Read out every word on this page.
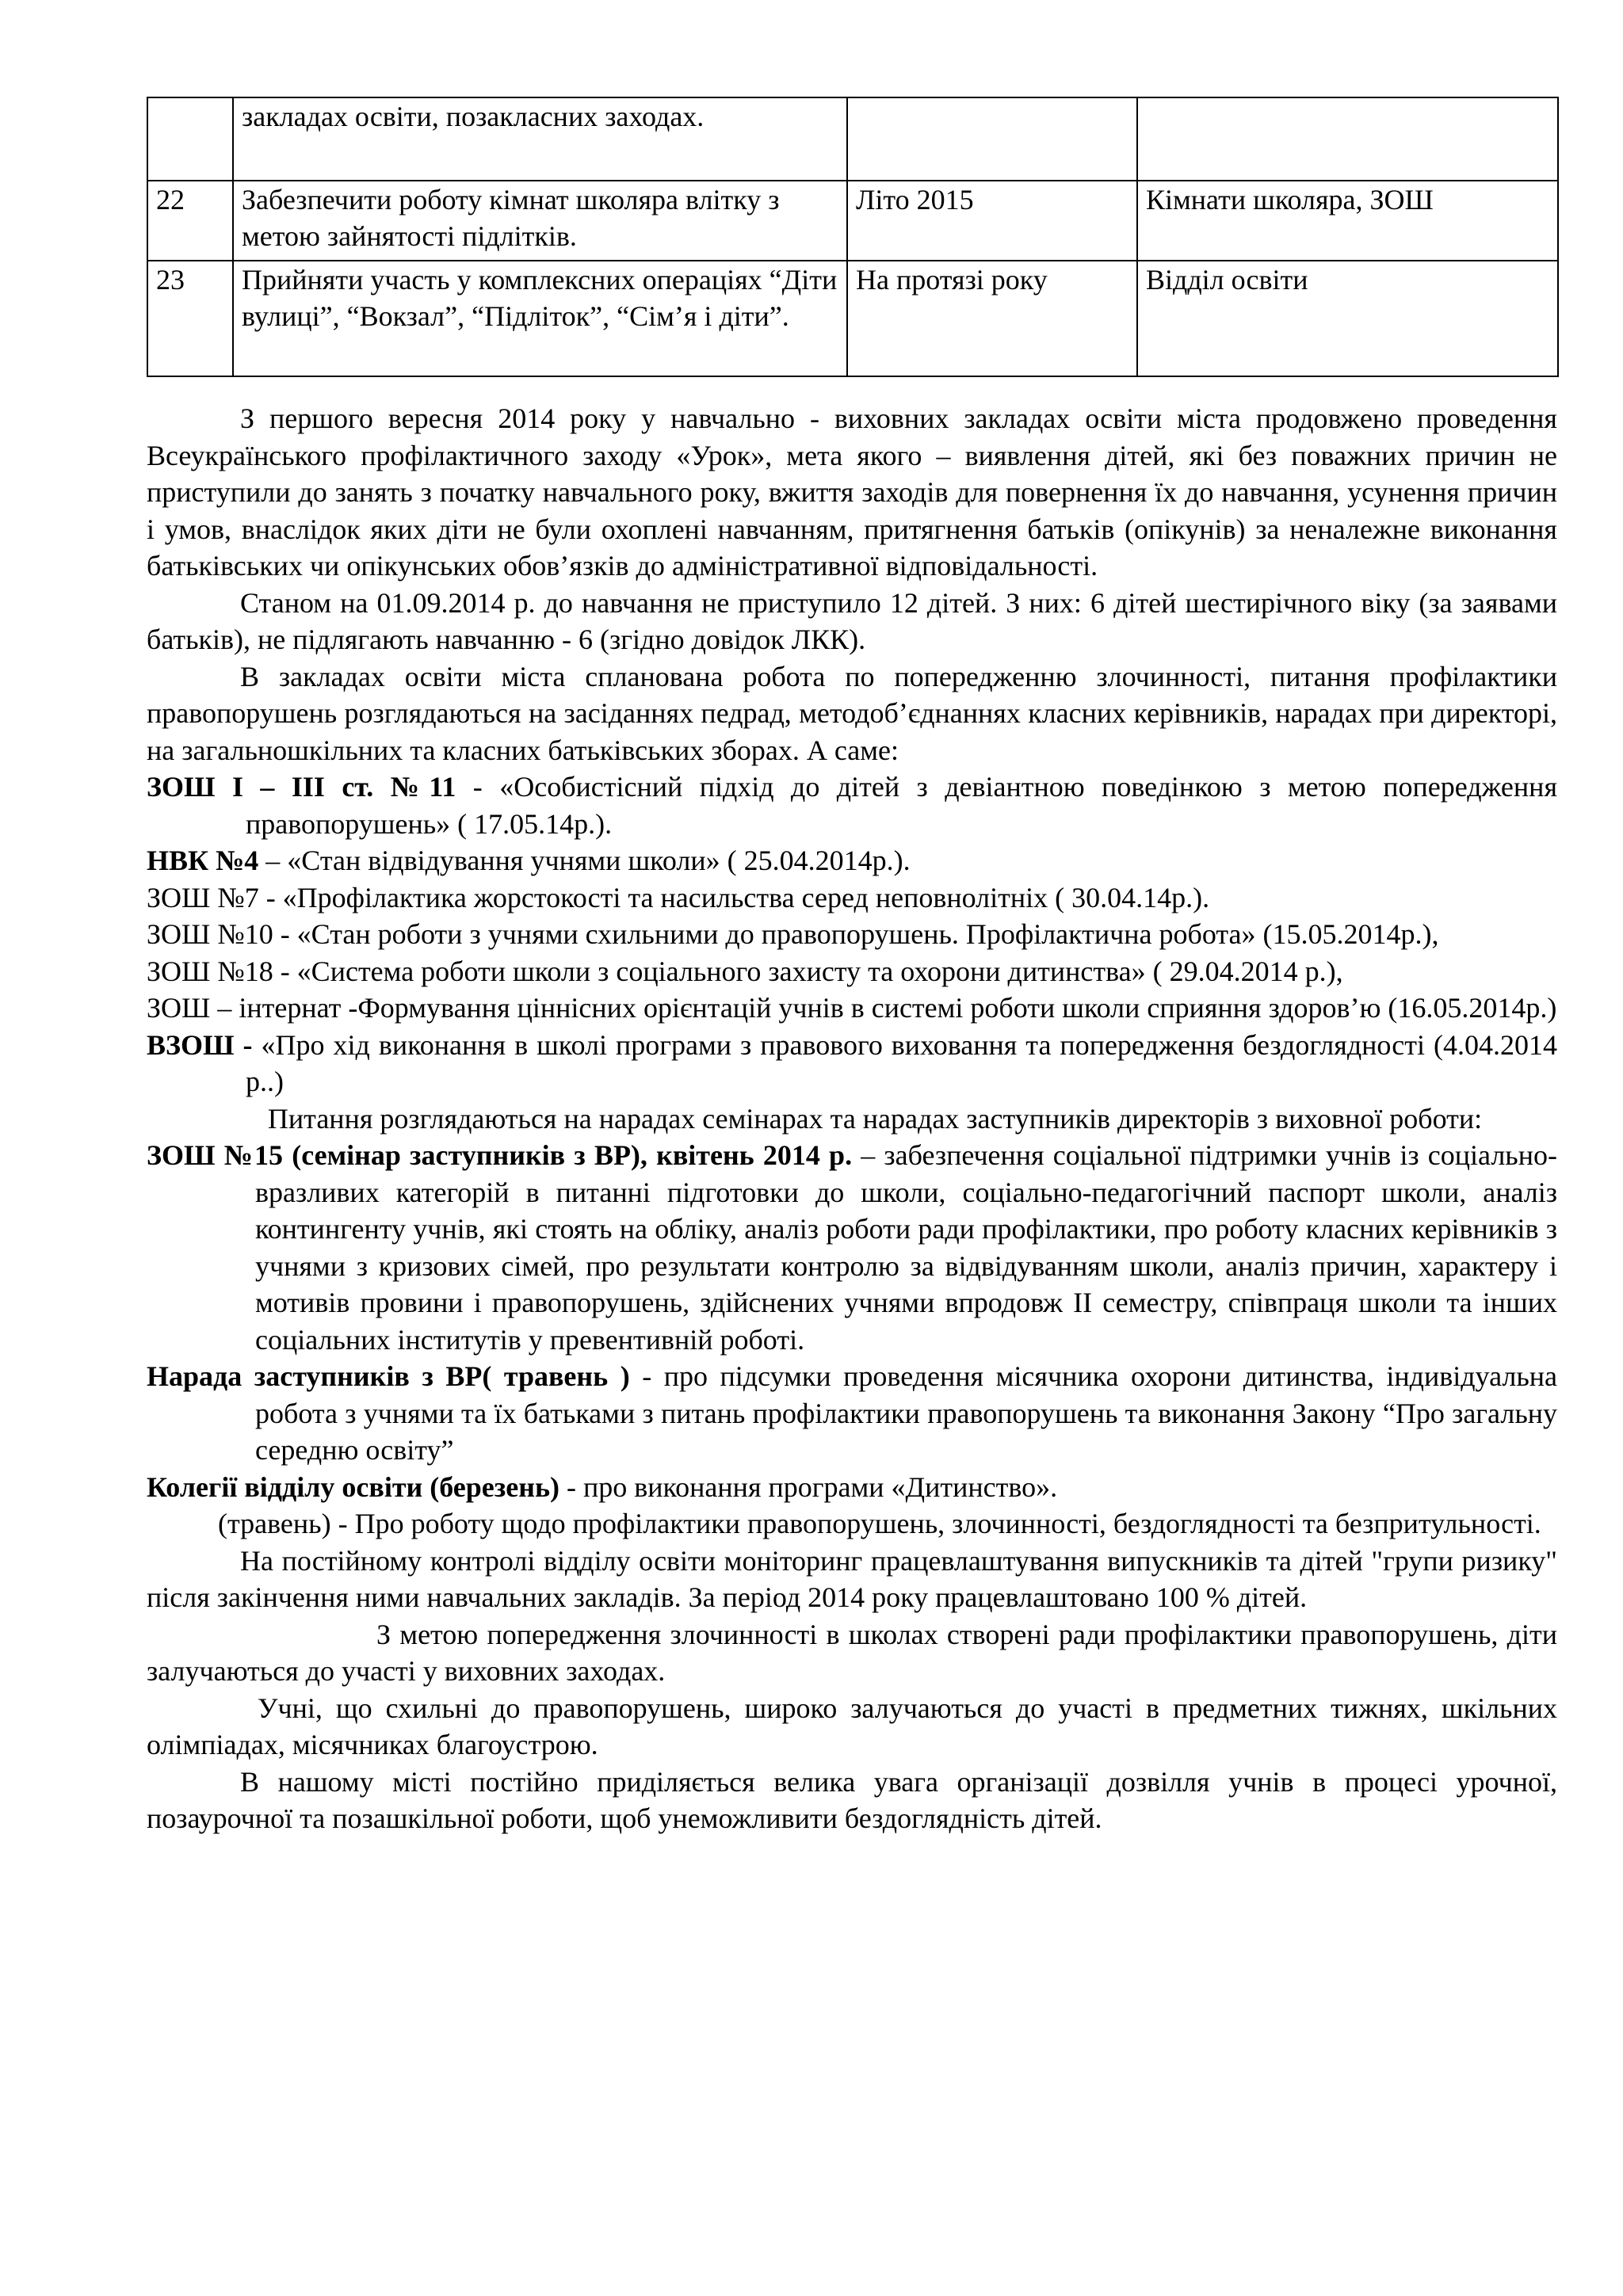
	закладах освіти, позакласних заходах.		
22	Забезпечити роботу кімнат школяра влітку з метою зайнятості підлітків.	Літо 2015	Кімнати школяра, ЗОШ
23	Прийняти участь у комплексних операціях “Діти вулиці”, “Вокзал”, “Підліток”, “Сім’я і діти”.	На протязі року	Відділ освіти

З першого вересня 2014 року у навчально - виховних закладах освіти міста продовжено проведення Всеукраїнського профілактичного заходу «Урок», мета якого – виявлення дітей, які без поважних причин не приступили до занять з початку навчального року, вжиття заходів для повернення їх до навчання, усунення причин і умов, внаслідок яких діти не були охоплені навчанням, притягнення батьків (опікунів) за неналежне виконання батьківських чи опікунських обов’язків до адміністративної відповідальності.

Станом на 01.09.2014 р. до навчання не приступило 12 дітей. З них: 6 дітей шестирічного віку (за заявами батьків), не підлягають навчанню - 6 (згідно довідок ЛКК).

В закладах освіти міста спланована робота по попередженню злочинності, питання профілактики правопорушень розглядаються на засіданнях педрад, методоб’єднаннях класних керівників, нарадах при директорі, на загальношкільних та класних батьківських зборах. А саме:

ЗОШ І – ІІІ ст. №11 - «Особистісний підхід до дітей з девіантною поведінкою з метою попередження правопорушень» ( 17.05.14р.).

НВК №4 – «Стан відвідування учнями школи» ( 25.04.2014р.).

ЗОШ №7 - «Профілактика жорстокості та насильства серед неповнолітніх ( 30.04.14р.).

ЗОШ №10 - «Стан роботи з учнями схильними до правопорушень. Профілактична робота» (15.05.2014р.),

ЗОШ №18 - «Система роботи школи з соціального захисту та охорони дитинства» ( 29.04.2014 р.),

ЗОШ – інтернат -Формування ціннісних орієнтацій учнів в системі роботи школи сприяння здоров’ю (16.05.2014р.)

ВЗОШ - «Про хід виконання в школі програми з правового виховання та попередження бездоглядності (4.04.2014 р..)

Питання розглядаються на нарадах семінарах та нарадах заступників директорів з виховної роботи:

ЗОШ №15 (семінар заступників з ВР), квітень 2014 р. – забезпечення соціальної підтримки учнів із соціально-вразливих категорій в питанні підготовки до школи, соціально-педагогічний паспорт школи, аналіз контингенту учнів, які стоять на обліку, аналіз роботи ради профілактики, про роботу класних керівників з учнями з кризових сімей, про результати контролю за відвідуванням школи, аналіз причин, характеру і мотивів провини і правопорушень, здійснених учнями впродовж ІІ семестру, співпраця школи та інших соціальних інститутів у превентивній роботі.

Нарада заступників з ВР( травень ) - про підсумки проведення місячника охорони дитинства, індивідуальна робота з учнями та їх батьками з питань профілактики правопорушень та виконання Закону “Про загальну середню освіту”

Колегії відділу освіти (березень) - про виконання програми «Дитинство».

(травень) - Про роботу щодо профілактики правопорушень, злочинності, бездоглядності та безпритульності.

На постійному контролі відділу освіти моніторинг працевлаштування випускників та дітей "групи ризику" після закінчення ними навчальних закладів. За період 2014 року працевлаштовано 100 % дітей.

З метою попередження злочинності в школах створені ради профілактики правопорушень, діти залучаються до участі у виховних заходах.

Учні, що схильні до правопорушень, широко залучаються до участі в предметних тижнях, шкільних олімпіадах, місячниках благоустрою.

В нашому місті постійно приділяється велика увага організації дозвілля учнів в процесі урочної, позаурочної та позашкільної роботи, щоб унеможливити бездоглядність дітей.
